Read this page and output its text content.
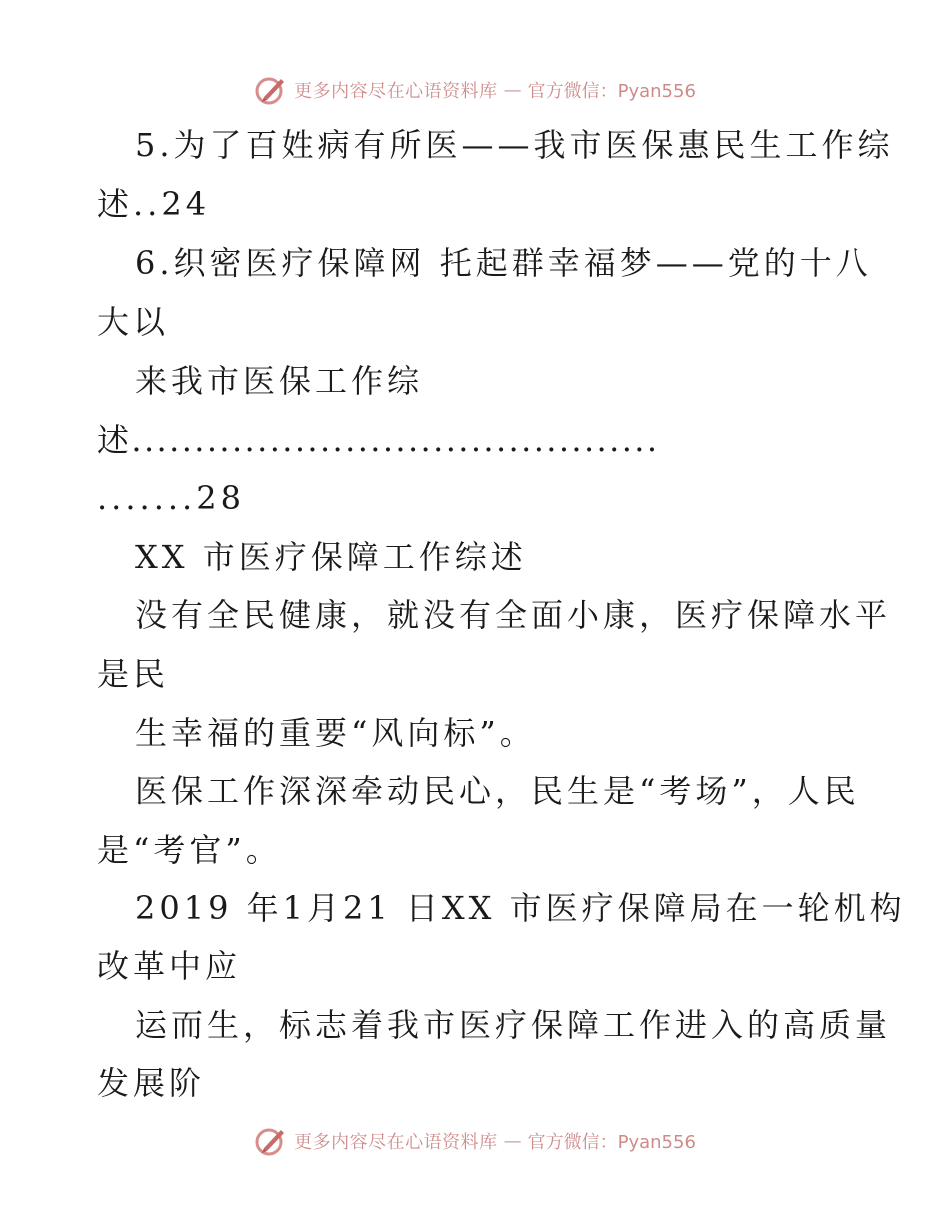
更多内容尽在心语资料库 — 官方微信：Pyan556
5.为了百姓病有所医——我市医保惠民生工作综
述..24
6.织密医疗保障网 托起群幸福梦——党的十八
大以
来我市医保工作综
述..........................................
.......28
XX 市医疗保障工作综述
没有全民健康，就没有全面小康，医疗保障水平
是民
生幸福的重要“风向标”。
医保工作深深牵动民心，民生是“考场”，人民
是“考官”。
2019 年1月21 日XX 市医疗保障局在一轮机构
改革中应
运而生，标志着我市医疗保障工作进入的高质量
发展阶
更多内容尽在心语资料库 — 官方微信：Pyan556
